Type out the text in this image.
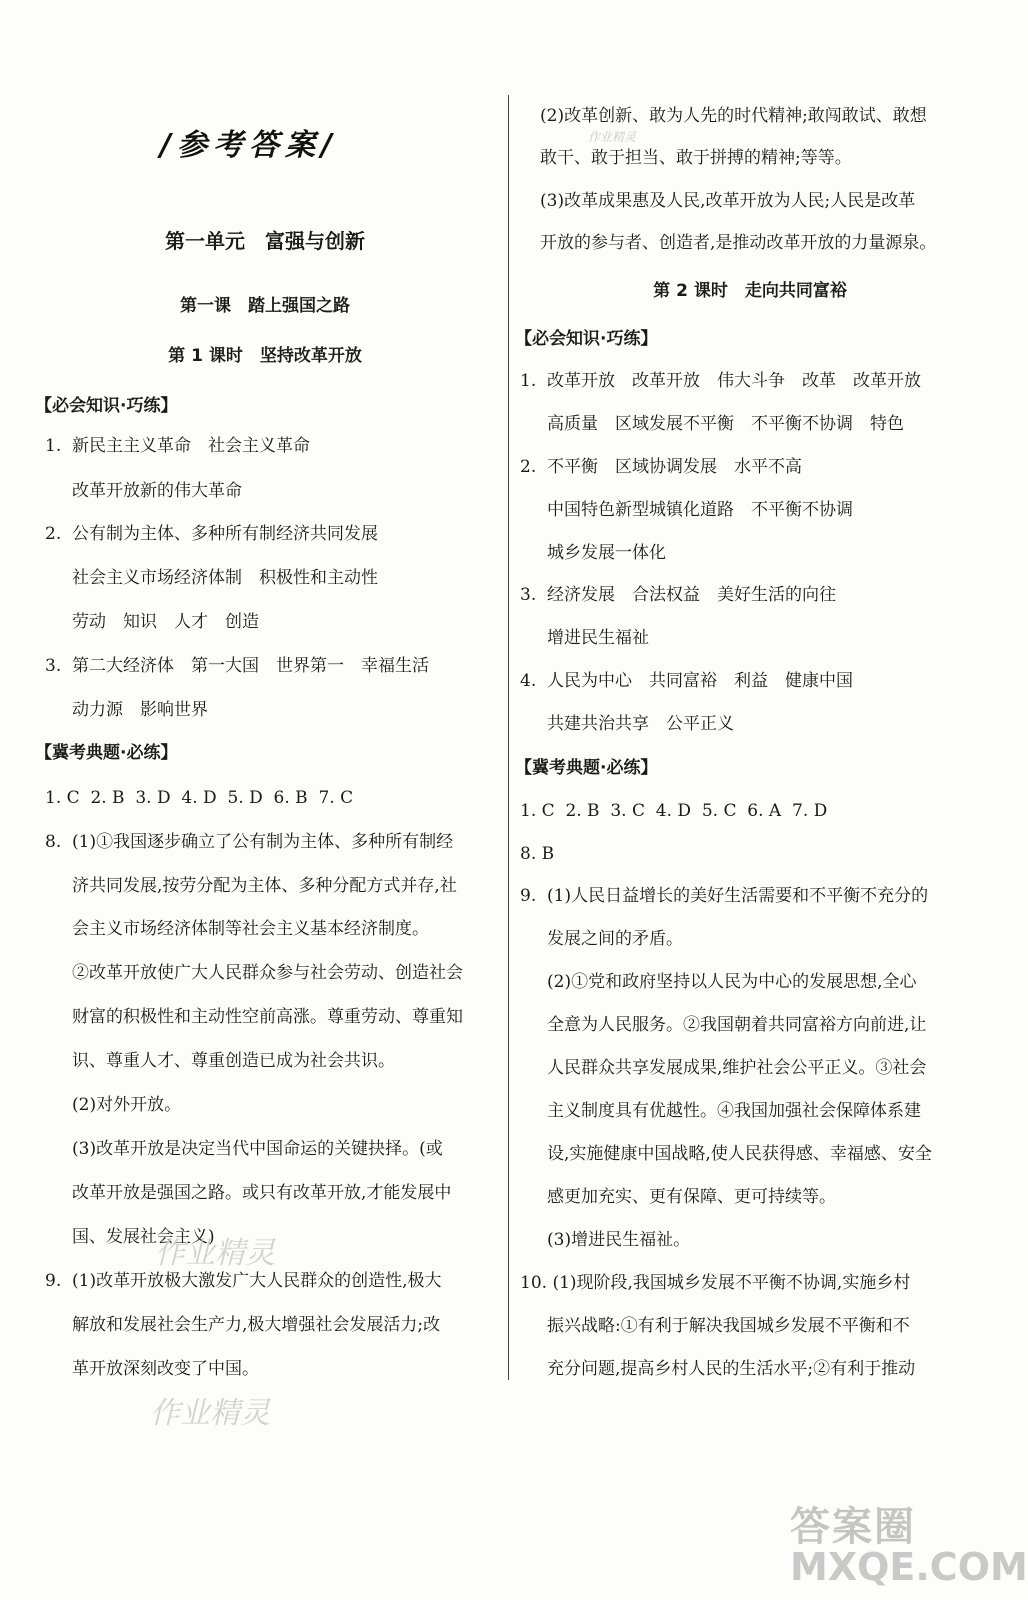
/参考答案/
第一单元　富强与创新
第一课　踏上强国之路
第 1 课时　坚持改革开放
【必会知识·巧练】
1.  新民主主义革命　社会主义革命
改革开放新的伟大革命
2.  公有制为主体、多种所有制经济共同发展
社会主义市场经济体制　积极性和主动性
劳动　知识　人才　创造
3.  第二大经济体　第一大国　世界第一　幸福生活
动力源　影响世界
【冀考典题·必练】
1. C  2. B  3. D  4. D  5. D  6. B  7. C
8.  (1)①我国逐步确立了公有制为主体、多种所有制经
济共同发展,按劳分配为主体、多种分配方式并存,社
会主义市场经济体制等社会主义基本经济制度。
②改革开放使广大人民群众参与社会劳动、创造社会
财富的积极性和主动性空前高涨。尊重劳动、尊重知
识、尊重人才、尊重创造已成为社会共识。
(2)对外开放。
(3)改革开放是决定当代中国命运的关键抉择。(或
改革开放是强国之路。或只有改革开放,才能发展中
国、发展社会主义)
9.  (1)改革开放极大激发广大人民群众的创造性,极大
解放和发展社会生产力,极大增强社会发展活力;改
革开放深刻改变了中国。
(2)改革创新、敢为人先的时代精神;敢闯敢试、敢想
敢干、敢于担当、敢于拼搏的精神;等等。
(3)改革成果惠及人民,改革开放为人民;人民是改革
开放的参与者、创造者,是推动改革开放的力量源泉。
第 2 课时　走向共同富裕
【必会知识·巧练】
1.  改革开放　改革开放　伟大斗争　改革　改革开放
高质量　区域发展不平衡　不平衡不协调　特色
2.  不平衡　区域协调发展　水平不高
中国特色新型城镇化道路　不平衡不协调
城乡发展一体化
3.  经济发展　合法权益　美好生活的向往
增进民生福祉
4.  人民为中心　共同富裕　利益　健康中国
共建共治共享　公平正义
【冀考典题·必练】
1. C  2. B  3. C  4. D  5. C  6. A  7. D
8. B
9.  (1)人民日益增长的美好生活需要和不平衡不充分的
发展之间的矛盾。
(2)①党和政府坚持以人民为中心的发展思想,全心
全意为人民服务。②我国朝着共同富裕方向前进,让
人民群众共享发展成果,维护社会公平正义。③社会
主义制度具有优越性。④我国加强社会保障体系建
设,实施健康中国战略,使人民获得感、幸福感、安全
感更加充实、更有保障、更可持续等。
(3)增进民生福祉。
10. (1)现阶段,我国城乡发展不平衡不协调,实施乡村
振兴战略:①有利于解决我国城乡发展不平衡和不
充分问题,提高乡村人民的生活水平;②有利于推动
作业精灵
作业精灵
作业精灵
答案圈
MXQE.COM
